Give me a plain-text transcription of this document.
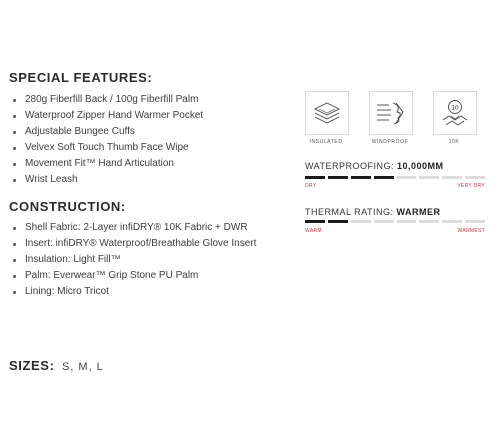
SPECIAL FEATURES:
280g Fiberfill Back / 100g Fiberfill Palm
Waterproof Zipper Hand Warmer Pocket
Adjustable Bungee Cuffs
Velvex Soft Touch Thumb Face Wipe
Movement Fit™ Hand Articulation
Wrist Leash
CONSTRUCTION:
Shell Fabric: 2-Layer infiDRY® 10K Fabric + DWR
Insert: infiDRY® Waterproof/Breathable Glove Insert
Insulation: Light Fill™
Palm: Everwear™ Grip Stone PU Palm
Lining: Micro Tricot
SIZES: S, M, L
INSULATED	WINDPROOF
10
10K
WATERPROOFING: 10,000MM
DRY	VERY DRY
THERMAL RATING: WARMER
WARM	WARMEST
